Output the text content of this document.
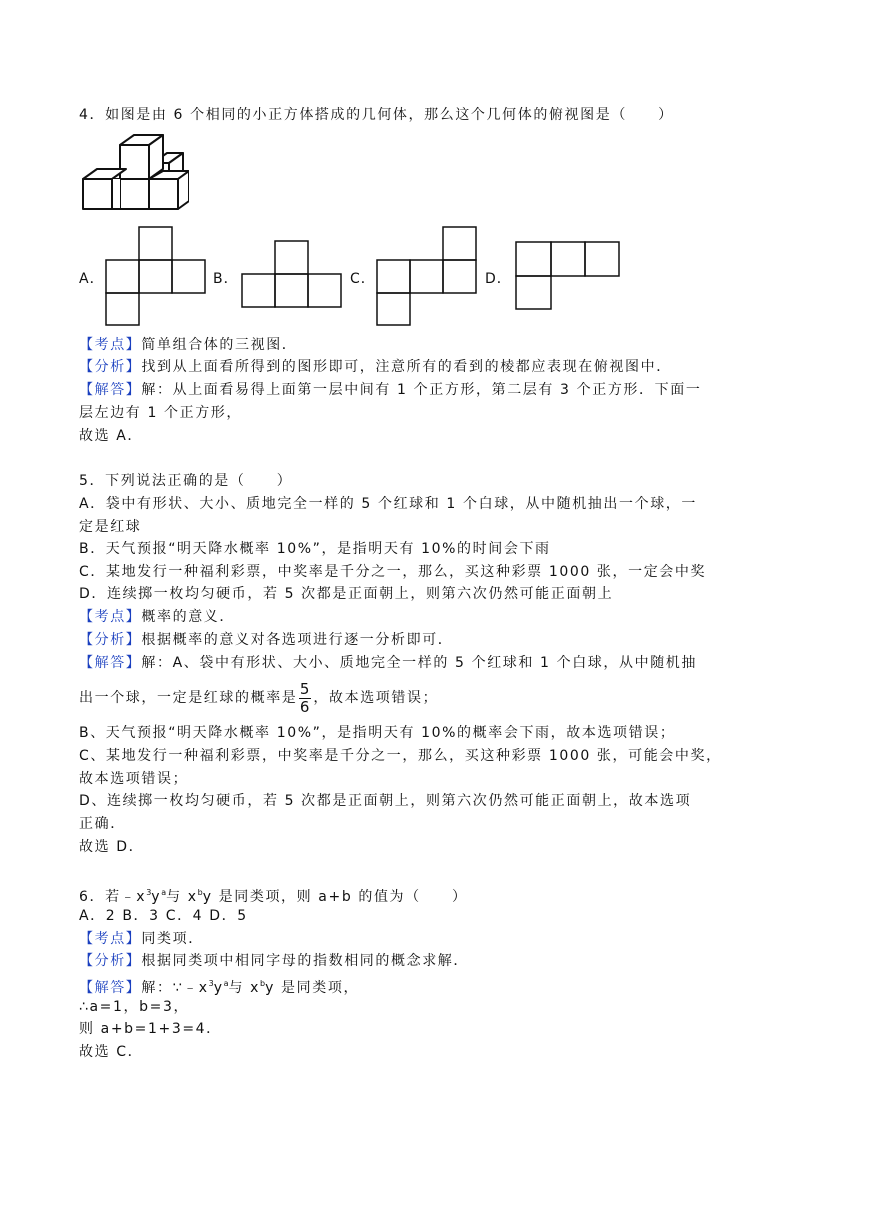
4．如图是由 6 个相同的小正方体搭成的几何体，那么这个几何体的俯视图是（　　）
A．	B．	C．	D．
【考点】简单组合体的三视图．
【分析】找到从上面看所得到的图形即可，注意所有的看到的棱都应表现在俯视图中．
【解答】解：从上面看易得上面第一层中间有 1 个正方形，第二层有 3 个正方形．下面一
层左边有 1 个正方形，
故选 A．
5．下列说法正确的是（　　）
A．袋中有形状、大小、质地完全一样的 5 个红球和 1 个白球，从中随机抽出一个球，一
定是红球
B．天气预报“明天降水概率 10%”，是指明天有 10%的时间会下雨
C．某地发行一种福利彩票，中奖率是千分之一，那么，买这种彩票 1000 张，一定会中奖
D．连续掷一枚均匀硬币，若 5 次都是正面朝上，则第六次仍然可能正面朝上
【考点】概率的意义．
【分析】根据概率的意义对各选项进行逐一分析即可．
【解答】解：A、袋中有形状、大小、质地完全一样的 5 个红球和 1 个白球，从中随机抽
出一个球，一定是红球的概率是 $\frac{5}{6}$ ，故本选项错误；
B、天气预报“明天降水概率 10%”，是指明天有 10%的概率会下雨，故本选项错误；
C、某地发行一种福利彩票，中奖率是千分之一，那么，买这种彩票 1000 张，可能会中奖，
故本选项错误；
D、连续掷一枚均匀硬币，若 5 次都是正面朝上，则第六次仍然可能正面朝上，故本选项
正确．
故选 D．
6．若$﹣x^3y^a$与 $x^by$ 是同类项，则 a+b 的值为（　　）
A．2 B．3 C．4 D．5
【考点】同类项．
【分析】根据同类项中相同字母的指数相同的概念求解．
【解答】解：$\because﹣x^3y^a$与 $x^by$ 是同类项，
∴a=1，b=3，
则 a+b=1+3=4．
故选 C．
